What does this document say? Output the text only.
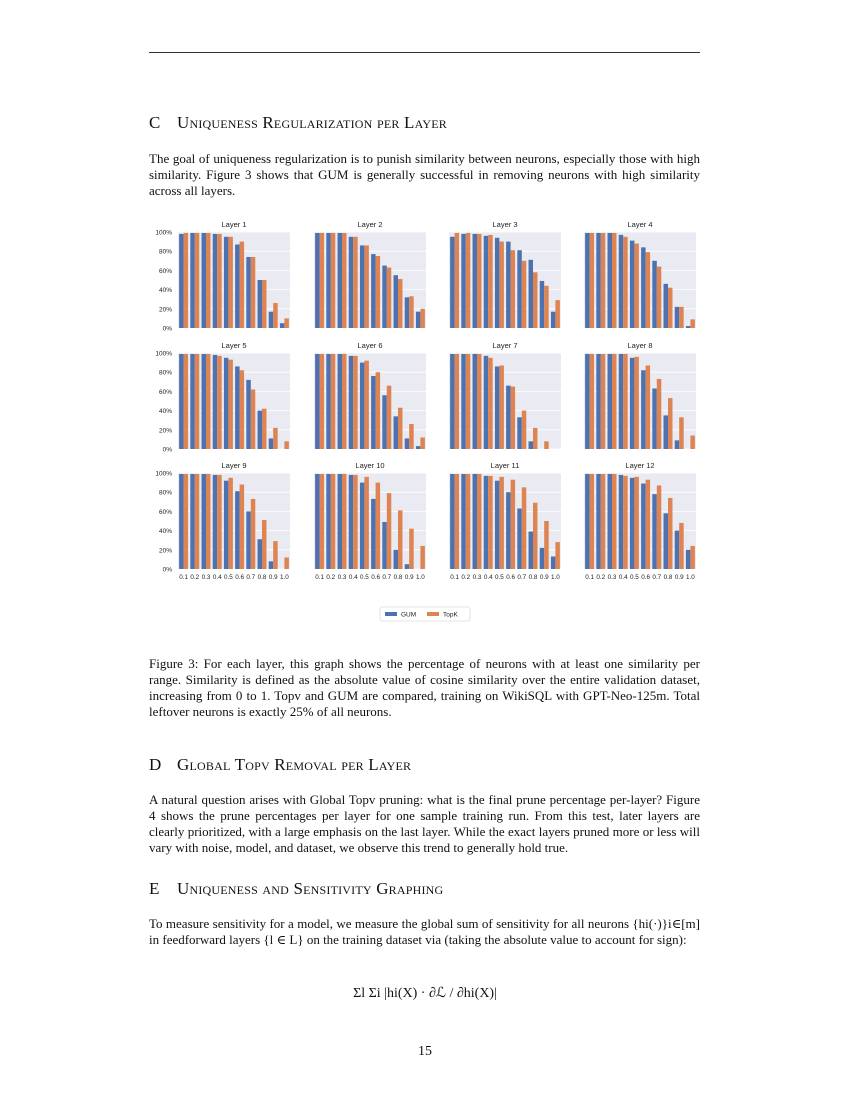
C Uniqueness Regularization per Layer
The goal of uniqueness regularization is to punish similarity between neurons, especially those with high similarity. Figure 3 shows that GUM is generally successful in removing neurons with high similarity across all layers.
0%
20%
40%
60%
80%
100%
Layer 1	Layer 2	Layer 3	Layer 4
0%
20%
40%
60%
80%
100%
Layer 5	Layer 6	Layer 7	Layer 8
0%
20%
40%
60%
80%
100%
Layer 9
0.1 0.2 0.3 0.4 0.5 0.6 0.7 0.8 0.9 1.0
Layer 10
0.1 0.2 0.3 0.4 0.5 0.6 0.7 0.8 0.9 1.0
Layer 11
0.1 0.2 0.3 0.4 0.5 0.6 0.7 0.8 0.9 1.0
Layer 12
0.1 0.2 0.3 0.4 0.5 0.6 0.7 0.8 0.9 1.0
GUM	TopK
Figure 3: For each layer, this graph shows the percentage of neurons with at least one similarity per range. Similarity is defined as the absolute value of cosine similarity over the entire validation dataset, increasing from 0 to 1. Topv and GUM are compared, training on WikiSQL with GPT-Neo-125m. Total leftover neurons is exactly 25% of all neurons.
D Global Topv Removal per Layer
A natural question arises with Global Topv pruning: what is the final prune percentage per-layer? Figure 4 shows the prune percentages per layer for one sample training run. From this test, later layers are clearly prioritized, with a large emphasis on the last layer. While the exact layers pruned more or less will vary with noise, model, and dataset, we observe this trend to generally hold true.
E Uniqueness and Sensitivity Graphing
To measure sensitivity for a model, we measure the global sum of sensitivity for all neurons {hi(·)}i∈[m] in feedforward layers {l ∈ L} on the training dataset via (taking the absolute value to account for sign):
Σl Σi |hi(X) · ∂ℒ / ∂hi(X)|
15
